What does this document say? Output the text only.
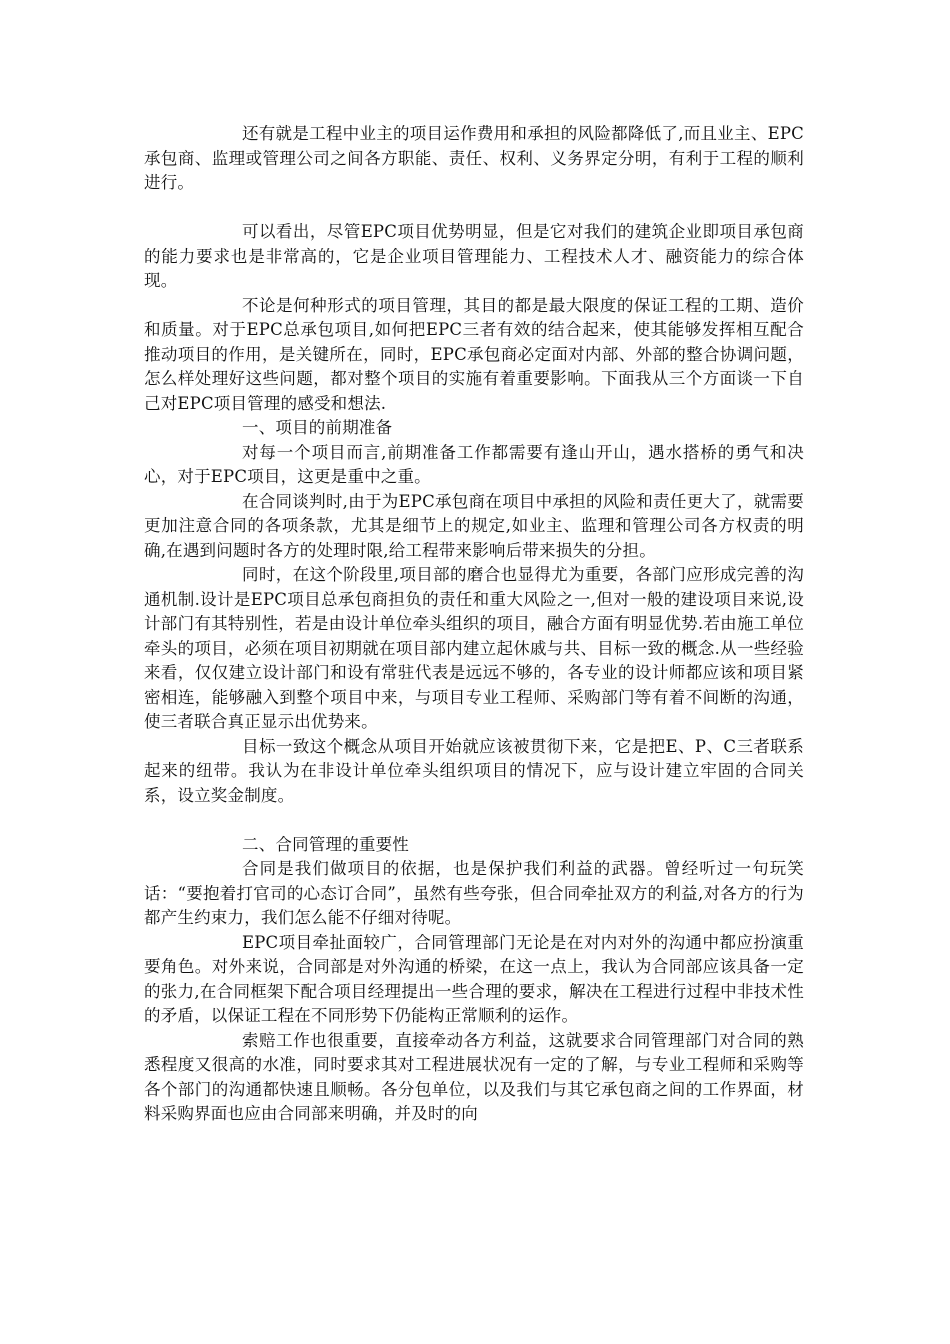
还有就是工程中业主的项目运作费用和承担的风险都降低了,而且业主、EPC承包商、监理或管理公司之间各方职能、责任、权利、义务界定分明，有利于工程的顺利进行。
可以看出，尽管EPC项目优势明显，但是它对我们的建筑企业即项目承包商的能力要求也是非常高的，它是企业项目管理能力、工程技术人才、融资能力的综合体现。
不论是何种形式的项目管理，其目的都是最大限度的保证工程的工期、造价和质量。对于EPC总承包项目,如何把EPC三者有效的结合起来，使其能够发挥相互配合推动项目的作用，是关键所在，同时，EPC承包商必定面对内部、外部的整合协调问题，怎么样处理好这些问题，都对整个项目的实施有着重要影响。下面我从三个方面谈一下自己对EPC项目管理的感受和想法.
一、项目的前期准备
对每一个项目而言,前期准备工作都需要有逢山开山，遇水搭桥的勇气和决心，对于EPC项目，这更是重中之重。
在合同谈判时,由于为EPC承包商在项目中承担的风险和责任更大了，就需要更加注意合同的各项条款，尤其是细节上的规定,如业主、监理和管理公司各方权责的明确,在遇到问题时各方的处理时限,给工程带来影响后带来损失的分担。
同时，在这个阶段里,项目部的磨合也显得尤为重要，各部门应形成完善的沟通机制.设计是EPC项目总承包商担负的责任和重大风险之一,但对一般的建设项目来说,设计部门有其特别性，若是由设计单位牵头组织的项目，融合方面有明显优势.若由施工单位牵头的项目，必须在项目初期就在项目部内建立起休戚与共、目标一致的概念.从一些经验来看，仅仅建立设计部门和设有常驻代表是远远不够的，各专业的设计师都应该和项目紧密相连，能够融入到整个项目中来，与项目专业工程师、采购部门等有着不间断的沟通，使三者联合真正显示出优势来。
目标一致这个概念从项目开始就应该被贯彻下来，它是把E、P、C三者联系起来的纽带。我认为在非设计单位牵头组织项目的情况下，应与设计建立牢固的合同关系，设立奖金制度。
二、合同管理的重要性
合同是我们做项目的依据，也是保护我们利益的武器。曾经听过一句玩笑话：“要抱着打官司的心态订合同”，虽然有些夸张，但合同牵扯双方的利益,对各方的行为都产生约束力，我们怎么能不仔细对待呢。
EPC项目牵扯面较广，合同管理部门无论是在对内对外的沟通中都应扮演重要角色。对外来说，合同部是对外沟通的桥梁，在这一点上，我认为合同部应该具备一定的张力,在合同框架下配合项目经理提出一些合理的要求，解决在工程进行过程中非技术性的矛盾，以保证工程在不同形势下仍能构正常顺利的运作。
索赔工作也很重要，直接牵动各方利益，这就要求合同管理部门对合同的熟悉程度又很高的水准，同时要求其对工程进展状况有一定的了解，与专业工程师和采购等各个部门的沟通都快速且顺畅。各分包单位，以及我们与其它承包商之间的工作界面，材料采购界面也应由合同部来明确，并及时的向
